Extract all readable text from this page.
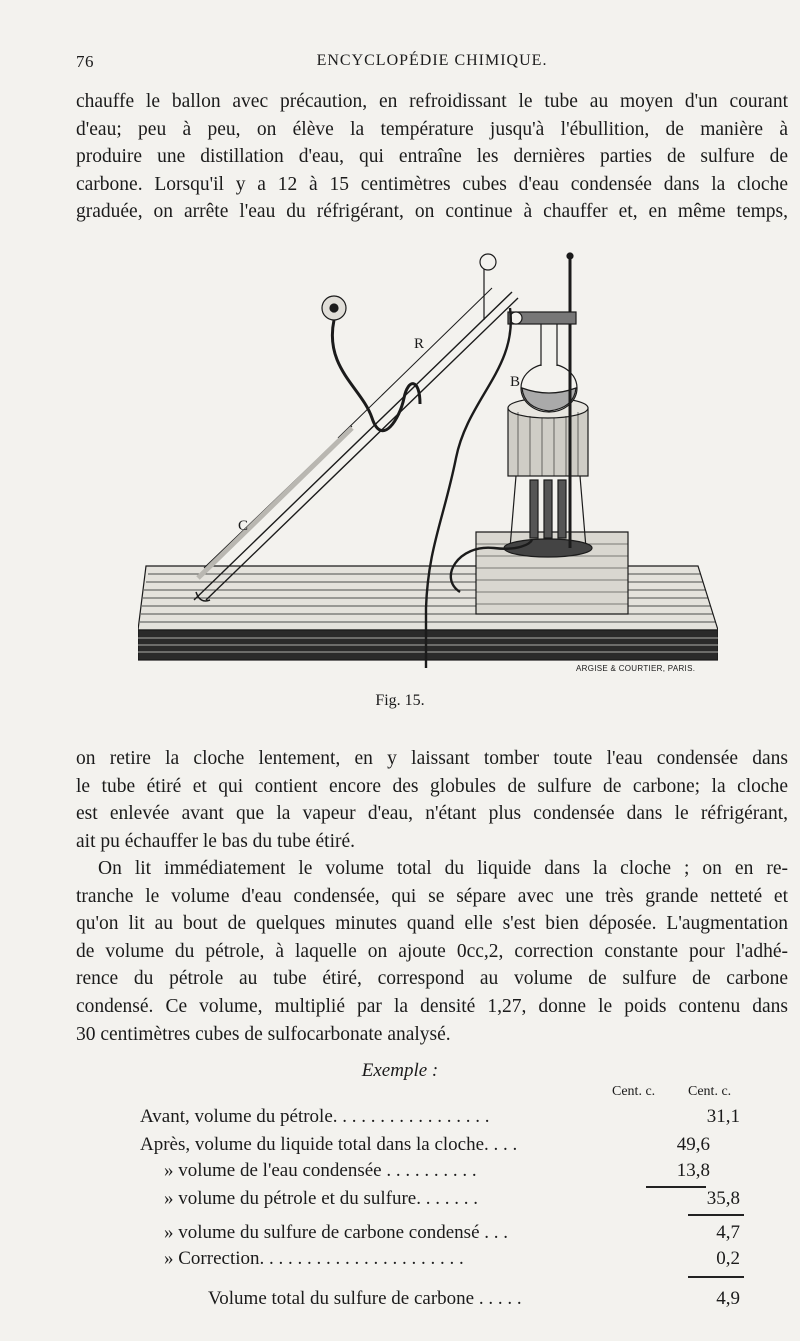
76	ENCYCLOPÉDIE CHIMIQUE.
chauffe le ballon avec précaution, en refroidissant le tube au moyen d'un courant
d'eau; peu à peu, on élève la température jusqu'à l'ébullition, de manière à
produire une distillation d'eau, qui entraîne les dernières parties de sulfure de
carbone. Lorsqu'il y a 12 à 15 centimètres cubes d'eau condensée dans la cloche
graduée, on arrête l'eau du réfrigérant, on continue à chauffer et, en même temps,
R
B
C
ARGISE & COURTIER, PARIS.
Fig. 15.
on retire la cloche lentement, en y laissant tomber toute l'eau condensée dans
le tube étiré et qui contient encore des globules de sulfure de carbone; la cloche
est enlevée avant que la vapeur d'eau, n'étant plus condensée dans le réfrigérant,
ait pu échauffer le bas du tube étiré.
On lit immédiatement le volume total du liquide dans la cloche ; on en re-
tranche le volume d'eau condensée, qui se sépare avec une très grande netteté et
qu'on lit au bout de quelques minutes quand elle s'est bien déposée. L'augmentation
de volume du pétrole, à laquelle on ajoute 0cc,2, correction constante pour l'adhé-
rence du pétrole au tube étiré, correspond au volume de sulfure de carbone
condensé. Ce volume, multiplié par la densité 1,27, donne le poids contenu dans
30 centimètres cubes de sulfocarbonate analysé.
Exemple :
Cent. c. Cent. c.
Avant, volume du pétrole. . . . . . . . . . . . . . . . .	31,1
Après, volume du liquide total dans la cloche. . . .	49,6
» volume de l'eau condensée . . . . . . . . . .	13,8
» volume du pétrole et du sulfure. . . . . . .	35,8
» volume du sulfure de carbone condensé . . .	4,7
» Correction. . . . . . . . . . . . . . . . . . . . . .	0,2
Volume total du sulfure de carbone . . . . .	4,9
